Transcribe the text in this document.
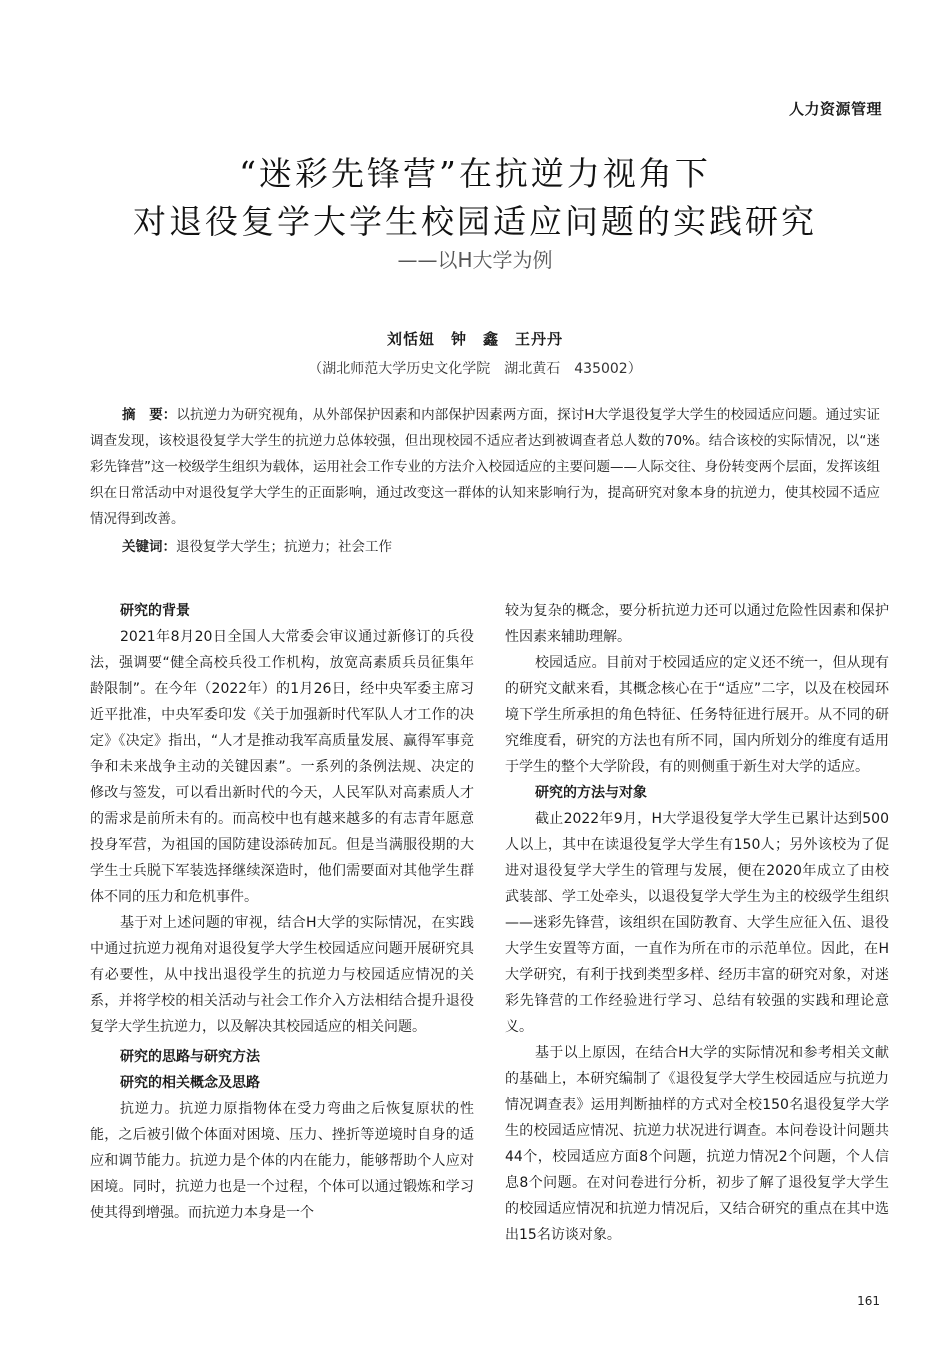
人力资源管理
“迷彩先锋营”在抗逆力视角下
对退役复学大学生校园适应问题的实践研究
——以H大学为例
刘恬妞　钟　鑫　王丹丹
（湖北师范大学历史文化学院　湖北黄石　435002）
摘　要：以抗逆力为研究视角，从外部保护因素和内部保护因素两方面，探讨H大学退役复学大学生的校园适应问题。通过实证调查发现，该校退役复学大学生的抗逆力总体较强，但出现校园不适应者达到被调查者总人数的70%。结合该校的实际情况，以“迷彩先锋营”这一校级学生组织为载体，运用社会工作专业的方法介入校园适应的主要问题——人际交往、身份转变两个层面，发挥该组织在日常活动中对退役复学大学生的正面影响，通过改变这一群体的认知来影响行为，提高研究对象本身的抗逆力，使其校园不适应情况得到改善。
关键词：退役复学大学生；抗逆力；社会工作
研究的背景

2021年8月20日全国人大常委会审议通过新修订的兵役法，强调要“健全高校兵役工作机构，放宽高素质兵员征集年龄限制”。在今年（2022年）的1月26日，经中央军委主席习近平批准，中央军委印发《关于加强新时代军队人才工作的决定》《决定》指出，“人才是推动我军高质量发展、赢得军事竞争和未来战争主动的关键因素”。一系列的条例法规、决定的修改与签发，可以看出新时代的今天，人民军队对高素质人才的需求是前所未有的。而高校中也有越来越多的有志青年愿意投身军营，为祖国的国防建设添砖加瓦。但是当满服役期的大学生士兵脱下军装选择继续深造时，他们需要面对其他学生群体不同的压力和危机事件。

基于对上述问题的审视，结合H大学的实际情况，在实践中通过抗逆力视角对退役复学大学生校园适应问题开展研究具有必要性，从中找出退役学生的抗逆力与校园适应情况的关系，并将学校的相关活动与社会工作介入方法相结合提升退役复学大学生抗逆力，以及解决其校园适应的相关问题。

研究的思路与研究方法
研究的相关概念及思路

抗逆力。抗逆力原指物体在受力弯曲之后恢复原状的性能，之后被引做个体面对困境、压力、挫折等逆境时自身的适应和调节能力。抗逆力是个体的内在能力，能够帮助个人应对困境。同时，抗逆力也是一个过程，个体可以通过锻炼和学习使其得到增强。而抗逆力本身是一个

较为复杂的概念，要分析抗逆力还可以通过危险性因素和保护性因素来辅助理解。

校园适应。目前对于校园适应的定义还不统一，但从现有的研究文献来看，其概念核心在于“适应”二字，以及在校园环境下学生所承担的角色特征、任务特征进行展开。从不同的研究维度看，研究的方法也有所不同，国内所划分的维度有适用于学生的整个大学阶段，有的则侧重于新生对大学的适应。

研究的方法与对象

截止2022年9月，H大学退役复学大学生已累计达到500人以上，其中在读退役复学大学生有150人；另外该校为了促进对退役复学大学生的管理与发展，便在2020年成立了由校武装部、学工处牵头，以退役复学大学生为主的校级学生组织——迷彩先锋营，该组织在国防教育、大学生应征入伍、退役大学生安置等方面，一直作为所在市的示范单位。因此，在H大学研究，有利于找到类型多样、经历丰富的研究对象，对迷彩先锋营的工作经验进行学习、总结有较强的实践和理论意义。

基于以上原因，在结合H大学的实际情况和参考相关文献的基础上，本研究编制了《退役复学大学生校园适应与抗逆力情况调查表》运用判断抽样的方式对全校150名退役复学大学生的校园适应情况、抗逆力状况进行调查。本问卷设计问题共44个，校园适应方面8个问题，抗逆力情况2个问题，个人信息8个问题。在对问卷进行分析，初步了解了退役复学大学生的校园适应情况和抗逆力情况后，又结合研究的重点在其中选出15名访谈对象。

161
